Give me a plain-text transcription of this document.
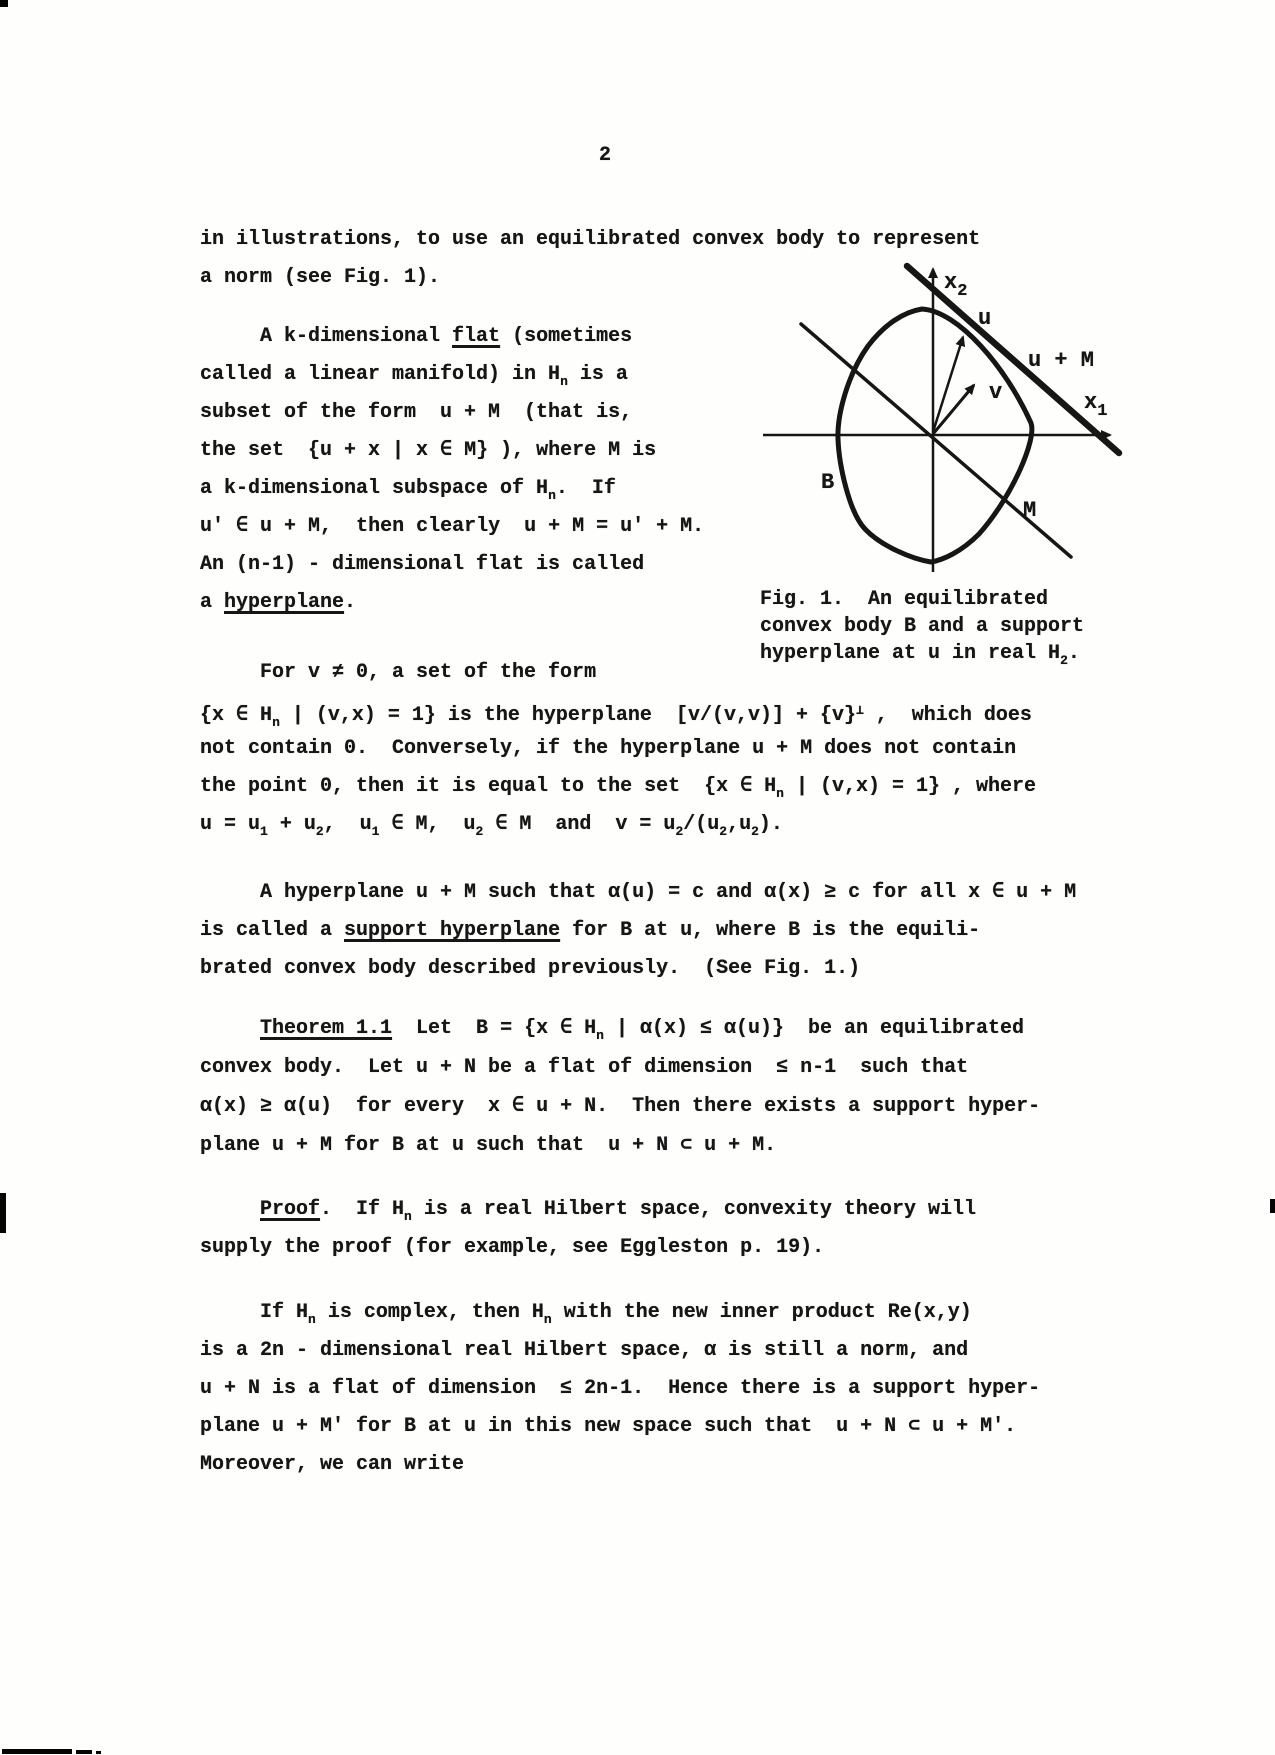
2
in illustrations, to use an equilibrated convex body to represent
a norm (see Fig. 1).
A k-dimensional flat (sometimes
called a linear manifold) in $H_n$ is a
subset of the form  u + M  (that is,
the set  {u + x | x ∈ M} ), where M is
a k-dimensional subspace of $H_n$.  If
u' ∈ u + M,  then clearly  u + M = u' + M.
An (n-1) - dimensional flat is called
a hyperplane.
$x_2$
$x_1$
u
u + M
v
B
M
Fig. 1.  An equilibrated
convex body B and a support
hyperplane at u in real $H_2$.
For v ≠ 0, a set of the form
{x ∈ $H_n$ | (v,x) = 1} is the hyperplane  [v/(v,v)] + {v}⊥ ,  which does
not contain 0.  Conversely, if the hyperplane u + M does not contain
the point 0, then it is equal to the set  {x ∈ $H_n$ | (v,x) = 1} , where
$u = u_1 + u_2$,  $u_1$ ∈ M,  $u_2$ ∈ M  and  $v = u_2/(u_2,u_2)$.
A hyperplane u + M such that α(u) = c and α(x) ≥ c for all x ∈ u + M
is called a support hyperplane for B at u, where B is the equili-
brated convex body described previously.  (See Fig. 1.)
Theorem 1.1  Let  B = {x ∈ $H_n$ | α(x) ≤ α(u)}  be an equilibrated
convex body.  Let u + N be a flat of dimension  ≤ n-1  such that
α(x) ≥ α(u)  for every  x ∈ u + N.  Then there exists a support hyper-
plane u + M for B at u such that  u + N ⊂ u + M.
Proof.  If $H_n$ is a real Hilbert space, convexity theory will
supply the proof (for example, see Eggleston p. 19).
If $H_n$ is complex, then $H_n$ with the new inner product Re(x,y)
is a 2n - dimensional real Hilbert space, α is still a norm, and
u + N is a flat of dimension  ≤ 2n-1.  Hence there is a support hyper-
plane u + M' for B at u in this new space such that  u + N ⊂ u + M'.
Moreover, we can write
